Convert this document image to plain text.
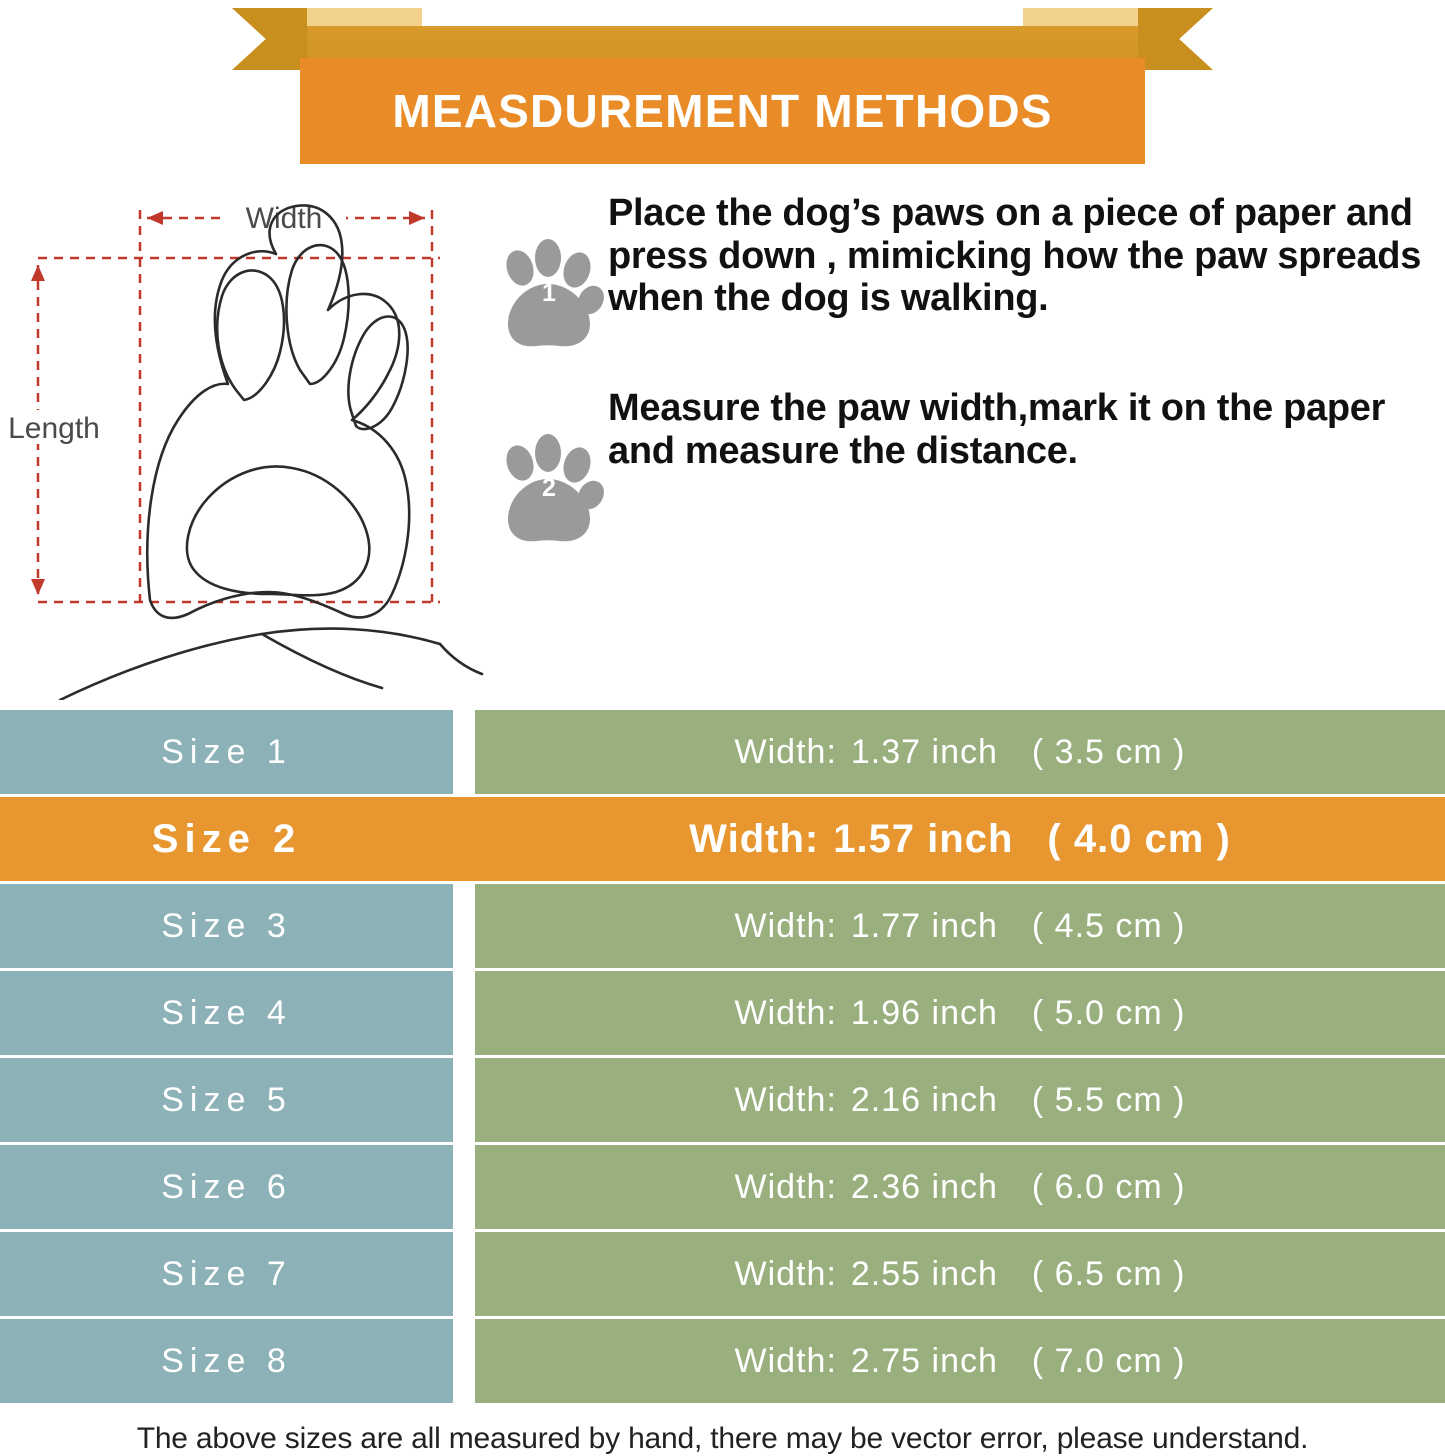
MEASDUREMENT METHODS
Width
Length
1
Place the dog’s paws on a piece of paper and press down , mimicking how the paw spreads when the dog is walking.
2
Measure the paw width,mark it on the paper and measure the distance.
Size 1	Width: 1.37 inch ( 3.5 cm )
Size 2	Width: 1.57 inch ( 4.0 cm )
Size 3	Width: 1.77 inch ( 4.5 cm )
Size 4	Width: 1.96 inch ( 5.0 cm )
Size 5	Width: 2.16 inch ( 5.5 cm )
Size 6	Width: 2.36 inch ( 6.0 cm )
Size 7	Width: 2.55 inch ( 6.5 cm )
Size 8	Width: 2.75 inch ( 7.0 cm )
The above sizes are all measured by hand, there may be vector error, please understand.
